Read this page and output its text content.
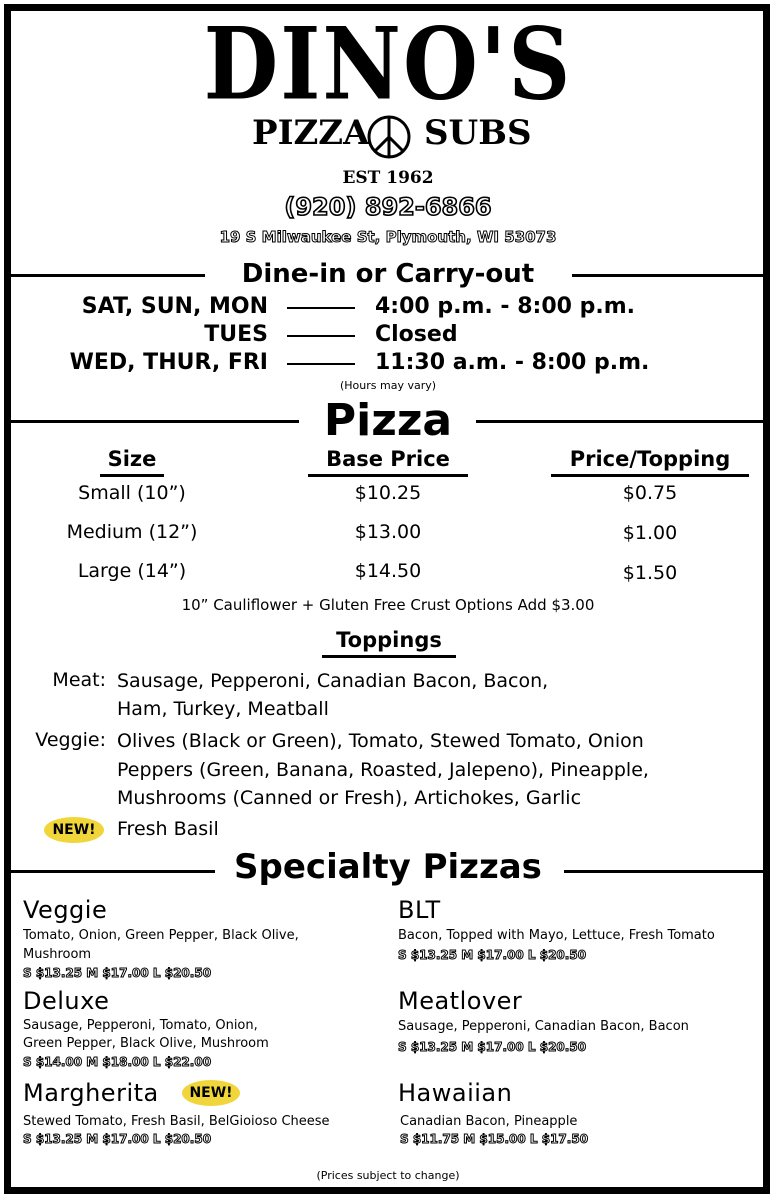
DINO'S
PIZZA SUBS
EST 1962
(920) 892-6866
19 S Milwaukee St, Plymouth, WI 53073
Dine-in or Carry-out
SAT, SUN, MON	4:00 p.m. - 8:00 p.m.
TUES	Closed
WED, THUR, FRI	11:30 a.m. - 8:00 p.m.
(Hours may vary)
Pizza
Size	Base Price	Price/Topping
Small (10”)	$10.25	$0.75
Medium (12”)	$13.00	$1.00
Large (14”)	$14.50	$1.50
10” Cauliflower + Gluten Free Crust Options Add $3.00
Toppings
Meat: Sausage, Pepperoni, Canadian Bacon, Bacon,
Ham, Turkey, Meatball
Veggie: Olives (Black or Green), Tomato, Stewed Tomato, Onion
Peppers (Green, Banana, Roasted, Jalepeno), Pineapple,
Mushrooms (Canned or Fresh), Artichokes, Garlic
NEW!	Fresh Basil
Specialty Pizzas
Veggie
Tomato, Onion, Green Pepper, Black Olive,
Mushroom
S $13.25 M $17.00 L $20.50
BLT
Bacon, Topped with Mayo, Lettuce, Fresh Tomato
S $13.25 M $17.00 L $20.50
Deluxe
Sausage, Pepperoni, Tomato, Onion,
Green Pepper, Black Olive, Mushroom
S $14.00 M $18.00 L $22.00
Meatlover
Sausage, Pepperoni, Canadian Bacon, Bacon
S $13.25 M $17.00 L $20.50
Margherita	NEW!
Stewed Tomato, Fresh Basil, BelGioioso Cheese
S $13.25 M $17.00 L $20.50
Hawaiian
Canadian Bacon, Pineapple
S $11.75 M $15.00 L $17.50
(Prices subject to change)
